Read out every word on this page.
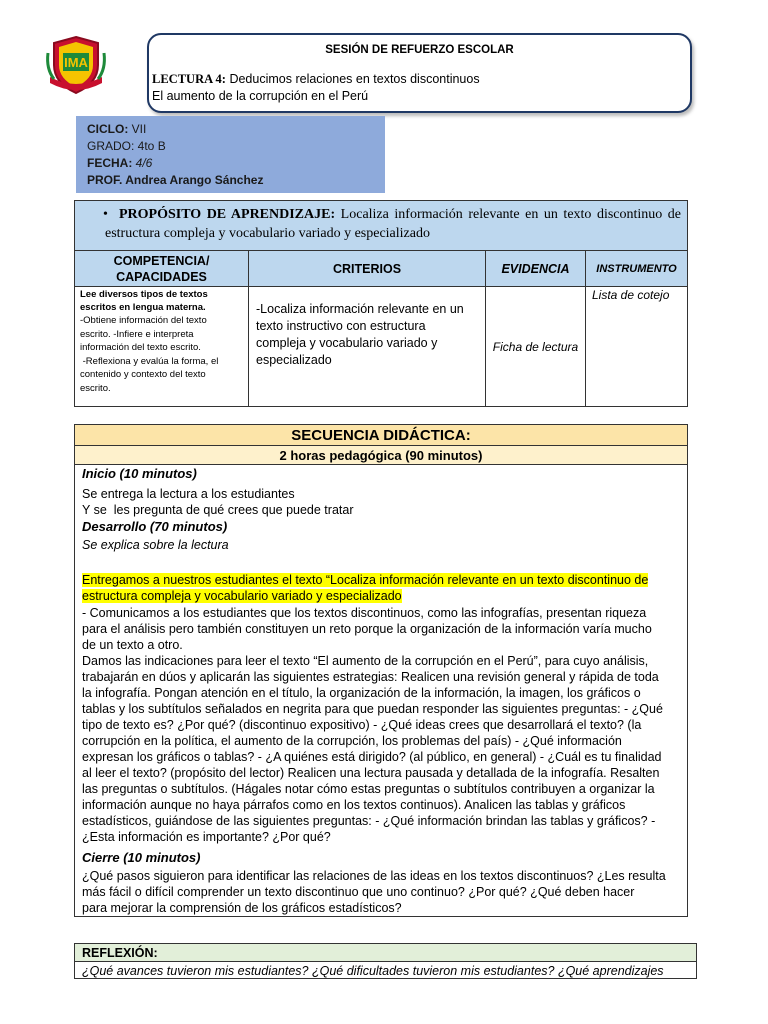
IMA
SESIÓN DE REFUERZO ESCOLAR
LECTURA 4: Deducimos relaciones en textos discontinuos
El aumento de la corrupción en el Perú
CICLO: VII
GRADO: 4to B
FECHA: 4/6
PROF. Andrea Arango Sánchez
•  PROPÓSITO DE APRENDIZAJE: Localiza información relevante en un texto discontinuo de estructura compleja y vocabulario variado y especializado
COMPETENCIA/ CAPACIDADES
CRITERIOS	EVIDENCIA	INSTRUMENTO
Lee diversos tipos de textos escritos en lengua materna.
-Obtiene información del texto
escrito. -Infiere e interpreta
información del texto escrito.
-Reflexiona y evalúa la forma, el
contenido y contexto del texto
escrito.
-Localiza información relevante en un texto instructivo con estructura compleja y vocabulario variado y especializado
Ficha de lectura
Lista de cotejo
SECUENCIA DIDÁCTICA:
2 horas pedagógica (90 minutos)
Inicio (10 minutos)
Se entrega la lectura a los estudiantes
Y se  les pregunta de qué crees que puede tratar
Desarrollo (70 minutos)
Se explica sobre la lectura
Entregamos a nuestros estudiantes el texto “Localiza información relevante en un texto discontinuo de
estructura compleja y vocabulario variado y especializado
- Comunicamos a los estudiantes que los textos discontinuos, como las infografías, presentan riqueza
para el análisis pero también constituyen un reto porque la organización de la información varía mucho
de un texto a otro.
Damos las indicaciones para leer el texto “El aumento de la corrupción en el Perú”, para cuyo análisis,
trabajarán en dúos y aplicarán las siguientes estrategias: Realicen una revisión general y rápida de toda
la infografía. Pongan atención en el título, la organización de la información, la imagen, los gráficos o
tablas y los subtítulos señalados en negrita para que puedan responder las siguientes preguntas: - ¿Qué
tipo de texto es? ¿Por qué? (discontinuo expositivo) - ¿Qué ideas crees que desarrollará el texto? (la
corrupción en la política, el aumento de la corrupción, los problemas del país) - ¿Qué información
expresan los gráficos o tablas? - ¿A quiénes está dirigido? (al público, en general) - ¿Cuál es tu finalidad
al leer el texto? (propósito del lector) Realicen una lectura pausada y detallada de la infografía. Resalten
las preguntas o subtítulos. (Hágales notar cómo estas preguntas o subtítulos contribuyen a organizar la
información aunque no haya párrafos como en los textos continuos). Analicen las tablas y gráficos
estadísticos, guiándose de las siguientes preguntas: - ¿Qué información brindan las tablas y gráficos? -
¿Esta información es importante? ¿Por qué?
Cierre (10 minutos)
¿Qué pasos siguieron para identificar las relaciones de las ideas en los textos discontinuos? ¿Les resulta
más fácil o difícil comprender un texto discontinuo que uno continuo? ¿Por qué? ¿Qué deben hacer
para mejorar la comprensión de los gráficos estadísticos?
REFLEXIÓN:
¿Qué avances tuvieron mis estudiantes? ¿Qué dificultades tuvieron mis estudiantes? ¿Qué aprendizajes
